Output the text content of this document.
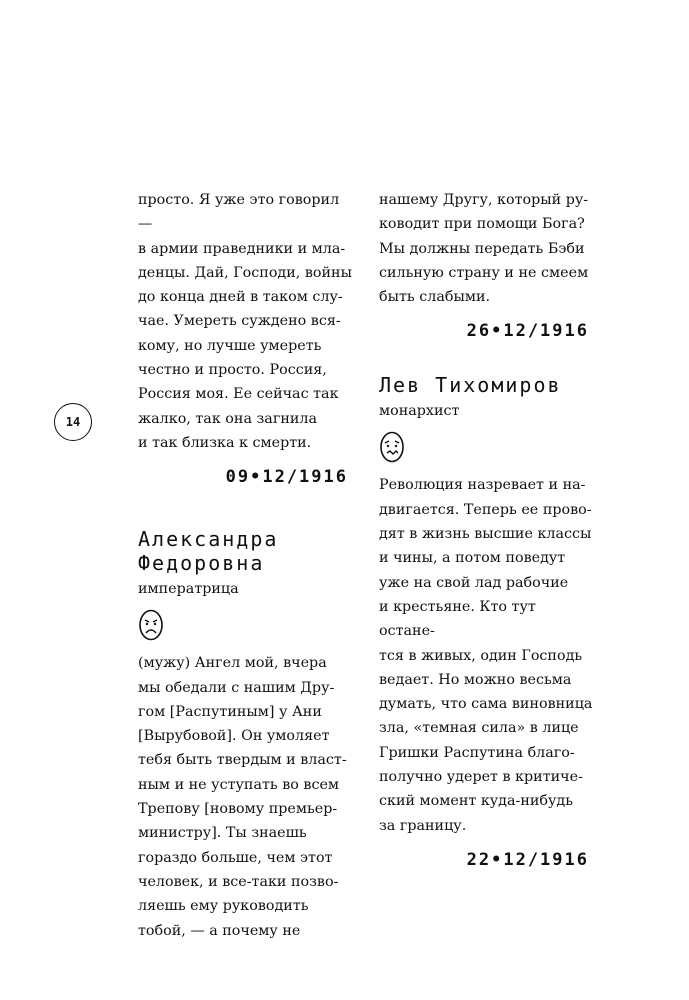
14

просто. Я уже это говорил —
в армии праведники и мла-
денцы. Дай, Господи, войны
до конца дней в таком слу-
чае. Умереть суждено вся-
кому, но лучше умереть
честно и просто. Россия,
Россия моя. Ее сейчас так
жалко, так она загнила
и так близка к смерти.

09•12/1916

Александра
Федоровна

императрица

(мужу) Ангел мой, вчера
мы обедали с нашим Дру-
гом [Распутиным] у Ани
[Вырубовой]. Он умоляет
тебя быть твердым и власт-
ным и не уступать во всем
Трепову [новому премьер-
министру]. Ты знаешь
гораздо больше, чем этот
человек, и все-таки позво-
ляешь ему руководить
тобой, — а почему не

нашему Другу, который ру-
ководит при помощи Бога?
Мы должны передать Бэби
сильную страну и не смеем
быть слабыми.

26•12/1916

Лев Тихомиров

монархист

Революция назревает и на-
двигается. Теперь ее прово-
дят в жизнь высшие классы
и чины, а потом поведут
уже на свой лад рабочие
и крестьяне. Кто тут остане-
тся в живых, один Господь
ведает. Но можно весьма
думать, что сама виновница
зла, «темная сила» в лице
Гришки Распутина благо-
получно удерет в критиче-
ский момент куда-нибудь
за границу.

22•12/1916
